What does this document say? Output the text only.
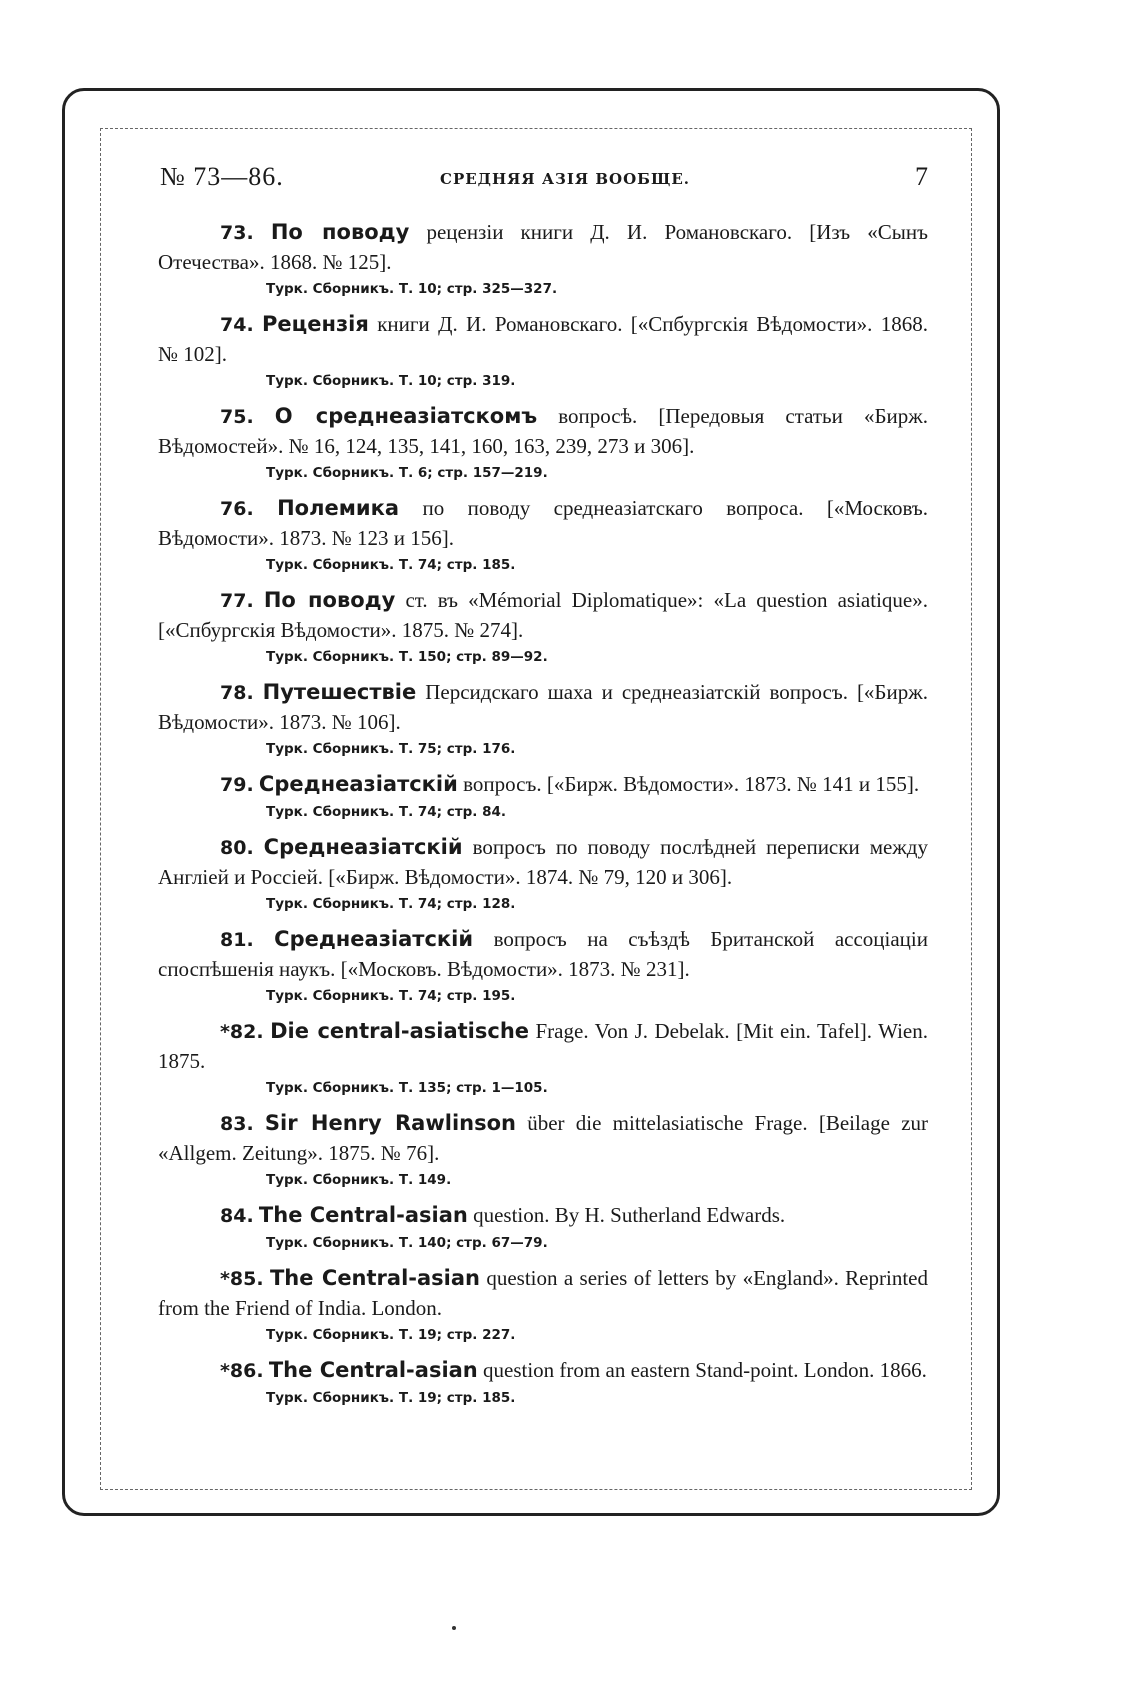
№ 73—86.	СРЕДНЯЯ АЗІЯ ВООБЩЕ.	7

73. По поводу рецензіи книги Д. И. Романовскаго. [Изъ «Сынъ Отечества». 1868. № 125].

Турк. Сборникъ. Т. 10; стр. 325—327.

74. Рецензія книги Д. И. Романовскаго. [«Спбургскія Вѣдомости». 1868. № 102].

Турк. Сборникъ. Т. 10; стр. 319.

75. О среднеазіатскомъ вопросѣ. [Передовыя статьи «Бирж. Вѣдомостей». № 16, 124, 135, 141, 160, 163, 239, 273 и 306].

Турк. Сборникъ. Т. 6; стр. 157—219.

76. Полемика по поводу среднеазіатскаго вопроса. [«Московъ. Вѣдомости». 1873. № 123 и 156].

Турк. Сборникъ. Т. 74; стр. 185.

77. По поводу ст. въ «Mémorial Diplomatique»: «La question asiatique». [«Спбургскія Вѣдомости». 1875. № 274].

Турк. Сборникъ. Т. 150; стр. 89—92.

78. Путешествіе Персидскаго шаха и среднеазіатскій вопросъ. [«Бирж. Вѣдомости». 1873. № 106].

Турк. Сборникъ. Т. 75; стр. 176.

79. Среднеазіатскій вопросъ. [«Бирж. Вѣдомости». 1873. № 141 и 155].

Турк. Сборникъ. Т. 74; стр. 84.

80. Среднеазіатскій вопросъ по поводу послѣдней переписки между Англіей и Россіей. [«Бирж. Вѣдомости». 1874. № 79, 120 и 306].

Турк. Сборникъ. Т. 74; стр. 128.

81. Среднеазіатскій вопросъ на съѣздѣ Британской ассоціаціи споспѣшенія наукъ. [«Московъ. Вѣдомости». 1873. № 231].

Турк. Сборникъ. Т. 74; стр. 195.

*82. Die central-asiatische Frage. Von J. Debelak. [Mit ein. Tafel]. Wien. 1875.

Турк. Сборникъ. Т. 135; стр. 1—105.

83. Sir Henry Rawlinson über die mittelasiatische Frage. [Beilage zur «Allgem. Zeitung». 1875. № 76].

Турк. Сборникъ. Т. 149.

84. The Central-asian question. By H. Sutherland Edwards.

Турк. Сборникъ. Т. 140; стр. 67—79.

*85. The Central-asian question a series of letters by «England». Reprinted from the Friend of India. London.

Турк. Сборникъ. Т. 19; стр. 227.

*86. The Central-asian question from an eastern Stand-point. London. 1866.

Турк. Сборникъ. Т. 19; стр. 185.
